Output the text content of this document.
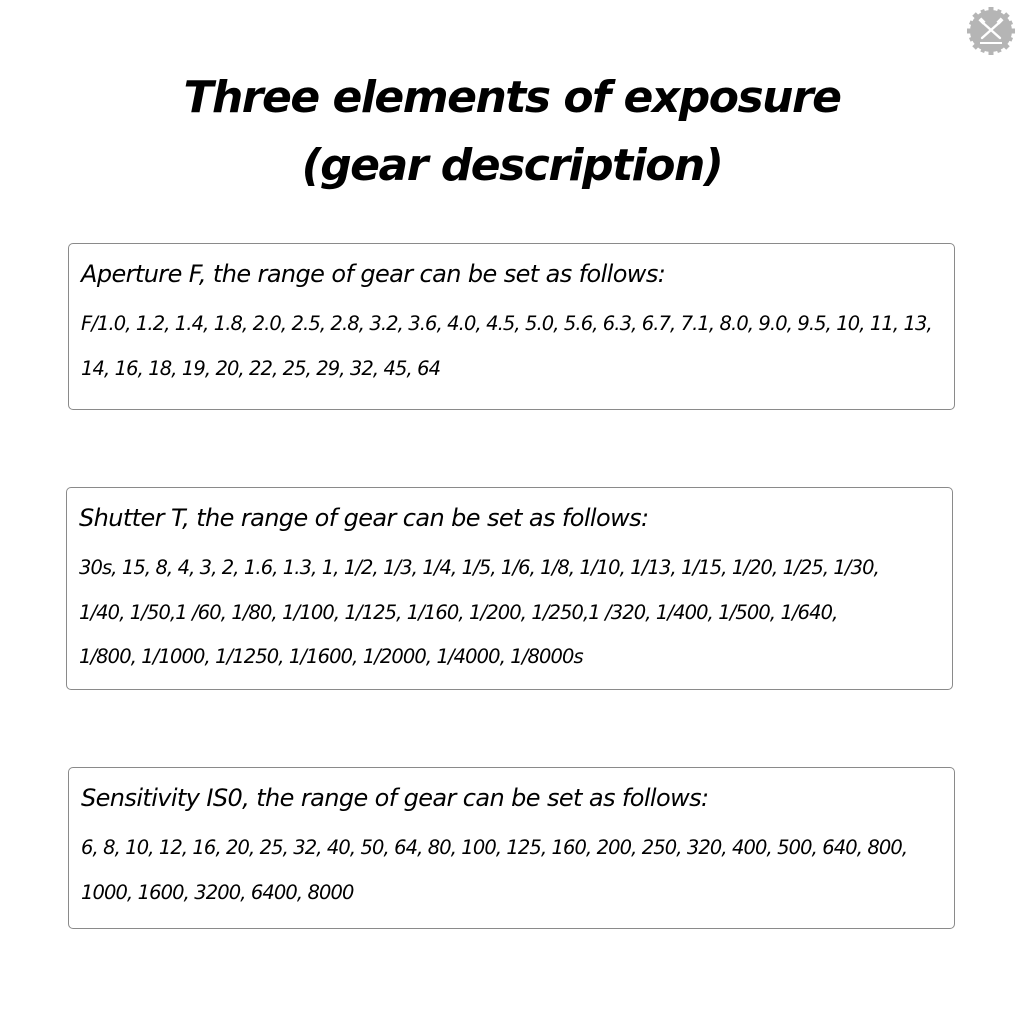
Three elements of exposure
(gear description)
Aperture F, the range of gear can be set as follows:
F/1.0, 1.2, 1.4, 1.8, 2.0, 2.5, 2.8, 3.2, 3.6, 4.0, 4.5, 5.0, 5.6, 6.3, 6.7, 7.1, 8.0, 9.0, 9.5, 10, 11, 13,
14, 16, 18, 19, 20, 22, 25, 29, 32, 45, 64
Shutter T, the range of gear can be set as follows:
30s, 15, 8, 4, 3, 2, 1.6, 1.3, 1, 1/2, 1/3, 1/4, 1/5, 1/6, 1/8, 1/10, 1/13, 1/15, 1/20, 1/25, 1/30,
1/40, 1/50,1 /60, 1/80, 1/100, 1/125, 1/160, 1/200, 1/250,1 /320, 1/400, 1/500, 1/640,
1/800, 1/1000, 1/1250, 1/1600, 1/2000, 1/4000, 1/8000s
Sensitivity IS0, the range of gear can be set as follows:
6, 8, 10, 12, 16, 20, 25, 32, 40, 50, 64, 80, 100, 125, 160, 200, 250, 320, 400, 500, 640, 800,
1000, 1600, 3200, 6400, 8000
